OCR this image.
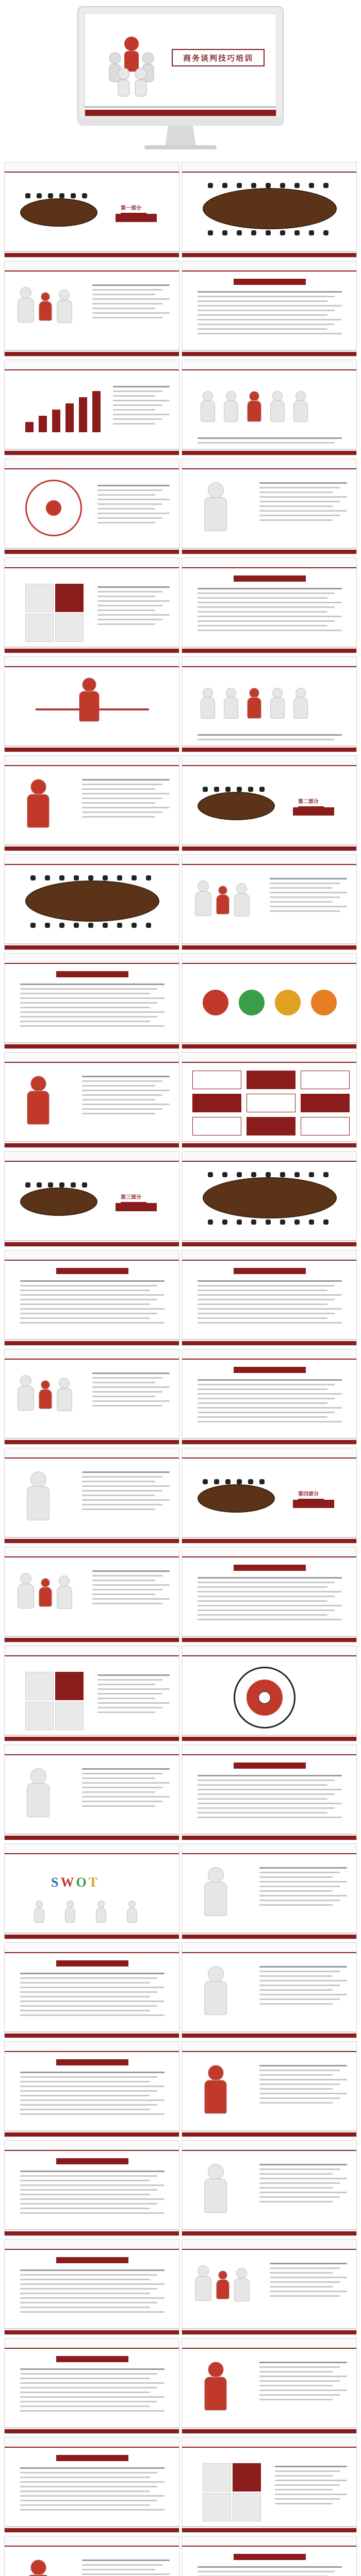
商务谈判技巧培训
第一部分
第二部分
第三部分
第四部分
SWOT
